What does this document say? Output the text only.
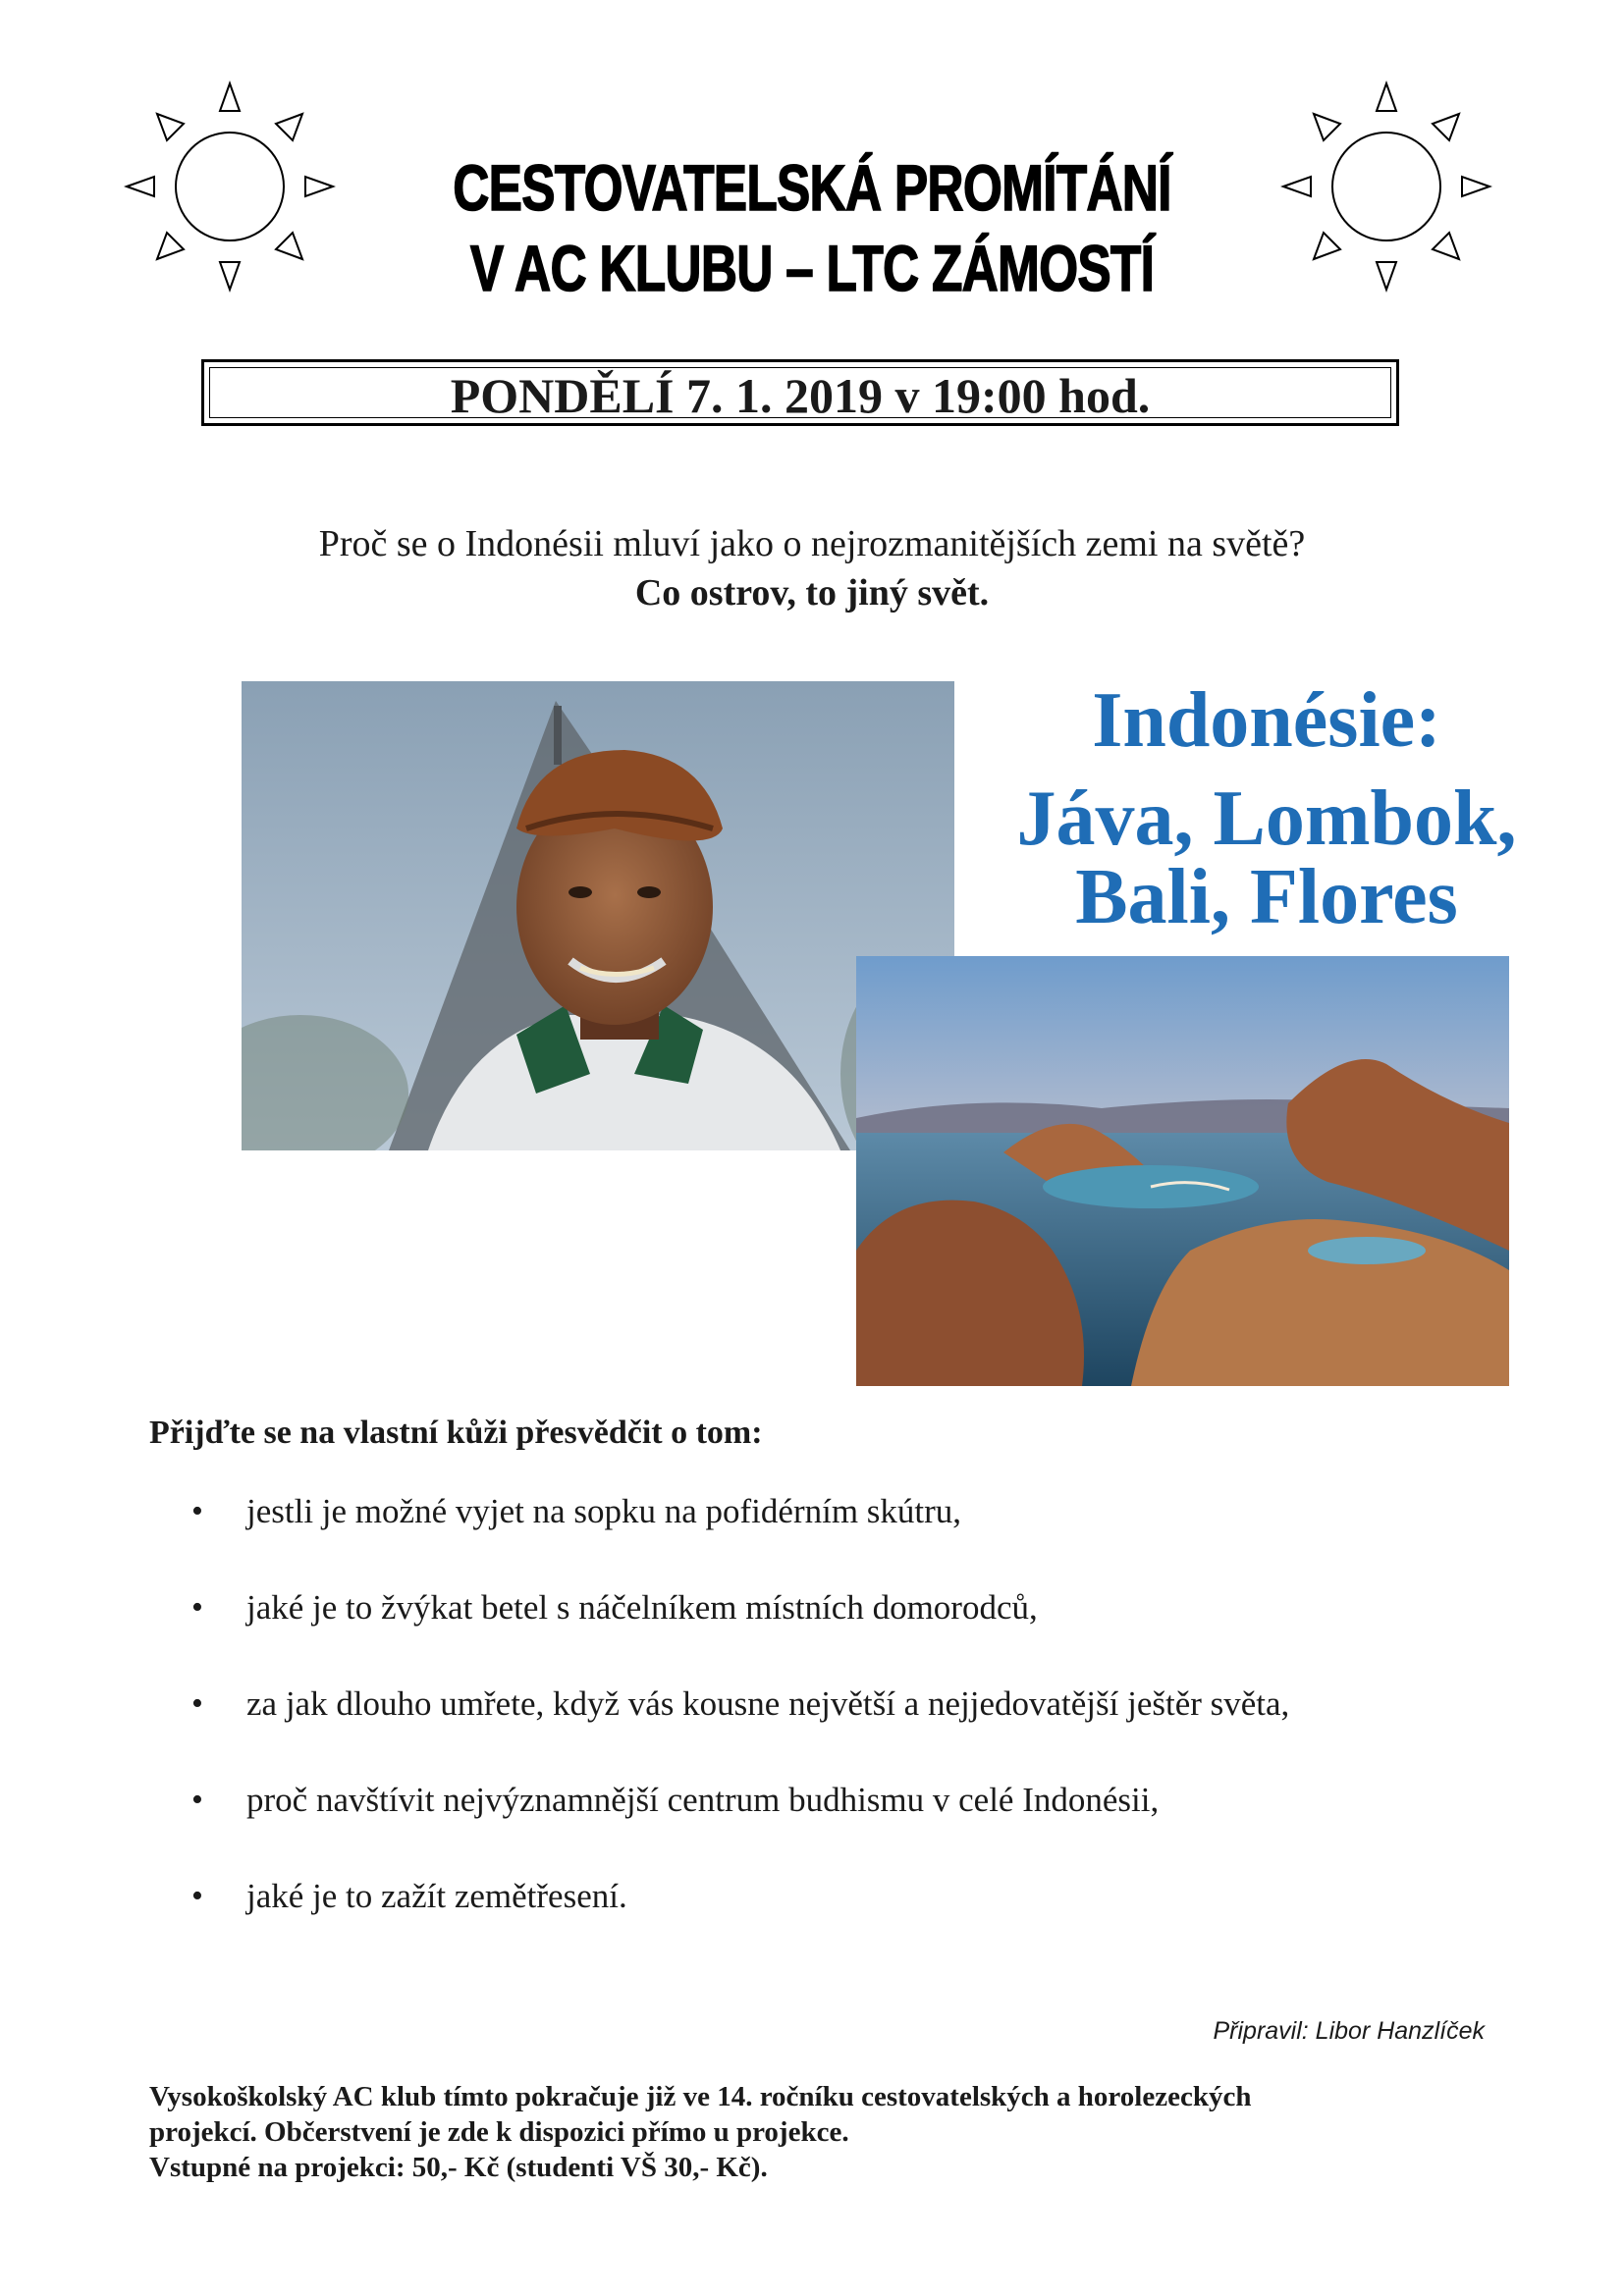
CESTOVATELSKÁ PROMÍTÁNÍ
V AC KLUBU – LTC ZÁMOSTÍ
PONDĚLÍ 7. 1. 2019 v 19:00 hod.
Proč se o Indonésii mluví jako o nejrozmanitějších zemi na světě?
Co ostrov, to jiný svět.
Indonésie:
Jáva, Lombok,
Bali, Flores
Přijďte se na vlastní kůži přesvědčit o tom:
• jestli je možné vyjet na sopku na pofidérním skútru,
• jaké je to žvýkat betel s náčelníkem místních domorodců,
• za jak dlouho umřete, když vás kousne největší a nejjedovatější ještěr světa,
• proč navštívit nejvýznamnější centrum budhismu v celé Indonésii,
• jaké je to zažít zemětřesení.
Připravil: Libor Hanzlíček
Vysokoškolský AC klub tímto pokračuje již ve 14. ročníku cestovatelských a horolezeckých
projekcí. Občerstvení je zde k dispozici přímo u projekce.
Vstupné na projekci: 50,- Kč (studenti VŠ 30,- Kč).
